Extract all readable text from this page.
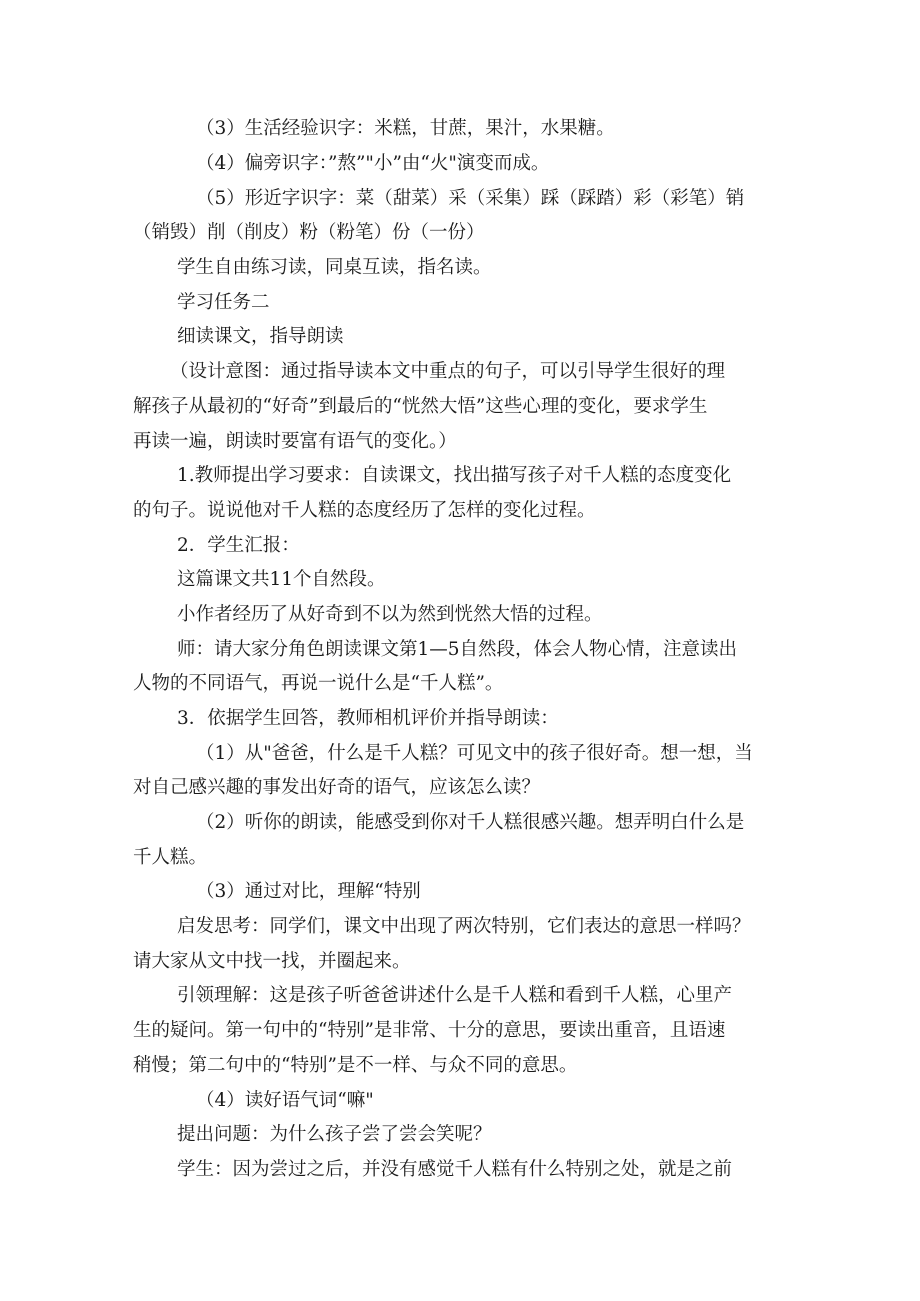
（3）生活经验识字：米糕，甘蔗，果汁，水果糖。

（4）偏旁识字：”熬”"小”由“火"演变而成。

（5）形近字识字：菜（甜菜）采（采集）踩（踩踏）彩（彩笔）销

（销毁）削（削皮）粉（粉笔）份（一份）

学生自由练习读，同桌互读，指名读。

学习任务二

细读课文，指导朗读

（设计意图：通过指导读本文中重点的句子，可以引导学生很好的理

解孩子从最初的“好奇”到最后的“恍然大悟”这些心理的变化，要求学生

再读一遍，朗读时要富有语气的变化。）

1.教师提出学习要求：自读课文，找出描写孩子对千人糕的态度变化

的句子。说说他对千人糕的态度经历了怎样的变化过程。

2．学生汇报：

这篇课文共11个自然段。

小作者经历了从好奇到不以为然到恍然大悟的过程。

师：请大家分角色朗读课文第1—5自然段，体会人物心情，注意读出

人物的不同语气，再说一说什么是“千人糕”。

3．依据学生回答，教师相机评价并指导朗读：

（1）从"爸爸，什么是千人糕？可见文中的孩子很好奇。想一想，当

对自己感兴趣的事发出好奇的语气，应该怎么读？

（2）听你的朗读，能感受到你对千人糕很感兴趣。想弄明白什么是

千人糕。

（3）通过对比，理解“特别

启发思考：同学们，课文中出现了两次特别，它们表达的意思一样吗？

请大家从文中找一找，并圈起来。

引领理解：这是孩子听爸爸讲述什么是千人糕和看到千人糕，心里产

生的疑问。第一句中的“特别”是非常、十分的意思，要读出重音，且语速

稍慢；第二句中的“特别”是不一样、与众不同的意思。

（4）读好语气词“嘛"

提出问题：为什么孩子尝了尝会笑呢？

学生：因为尝过之后，并没有感觉千人糕有什么特别之处，就是之前
